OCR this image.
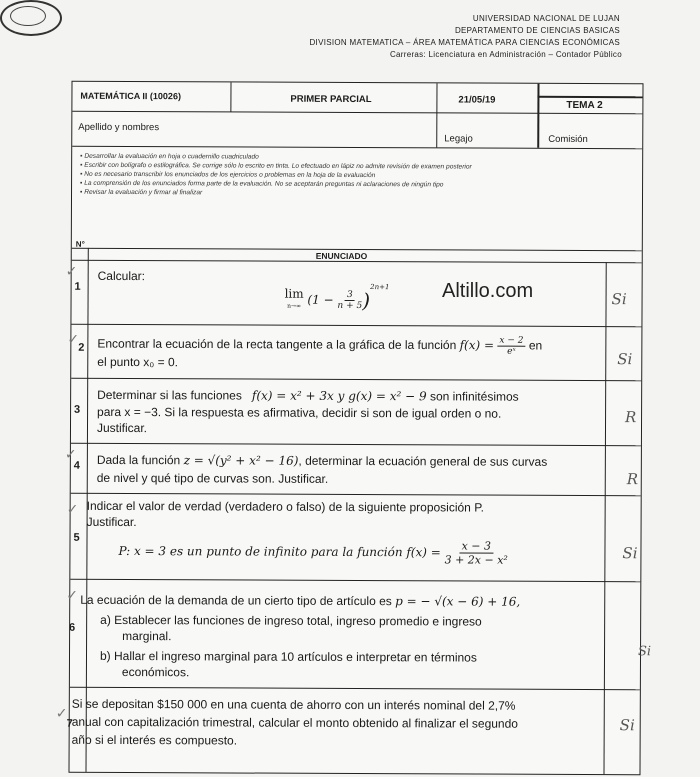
UNIVERSIDAD NACIONAL DE LUJAN
DEPARTAMENTO DE CIENCIAS BASICAS
DIVISION MATEMATICA – ÁREA MATEMÁTICA PARA CIENCIAS ECONÓMICAS
Carreras: Licenciatura en Administración – Contador Público
MATEMÁTICA II (10026)	PRIMER PARCIAL	21/05/19	TEMA 2
Apellido y nombres
Legajo	Comisión
▪ Desarrollar la evaluación en hoja o cuadernillo cuadriculado
▪ Escribir con bolígrafo o estilográfica. Se corrige sólo lo escrito en tinta. Lo efectuado en lápiz no admite revisión de examen posterior
▪ No es necesario transcribir los enunciados de los ejercicios o problemas en la hoja de la evaluación
▪ La comprensión de los enunciados forma parte de la evaluación. No se aceptarán preguntas ni aclaraciones de ningún tipo
▪ Revisar la evaluación y firmar al finalizar
N°
ENUNCIADO
✓
1
Calcular:
lim
n→∞ $(1 - \frac{3}{n + 5} )^{2n+1}$
Si
✓
2	Encontrar la ecuación de la recta tangente a la gráfica de la función $f(x) = \frac{x - 2}{\text{eˣ}}$ en
el punto x₀ = 0.	Si
3
Determinar si las funciones f(x) = x² + 3x y g(x) = x² − 9 son infinitésimos
para x = −3. Si la respuesta es afirmativa, decidir si son de igual orden o no.
Justificar.
R
✓
4	Dada la función z = √(y² + x² − 16), determinar la ecuación general de sus curvas
de nivel y qué tipo de curvas son. Justificar.	R
✓
5
Indicar el valor de verdad (verdadero o falso) de la siguiente proposición P.
Justificar.
P: x = 3 es un punto de infinito para la función $f(x) = \frac{x - 3}{\text{3 + 2x − x²}}$	Si
✓
6
La ecuación de la demanda de un cierto tipo de artículo es p = − √(x − 6) + 16,
a) Establecer las funciones de ingreso total, ingreso promedio e ingreso
marginal.
b) Hallar el ingreso marginal para 10 artículos e interpretar en términos
económicos.
Si
✓
7
Si se depositan $150 000 en una cuenta de ahorro con un interés nominal del 2,7%
anual con capitalización trimestral, calcular el monto obtenido al finalizar el segundo
año si el interés es compuesto.
Si
Altillo.com
